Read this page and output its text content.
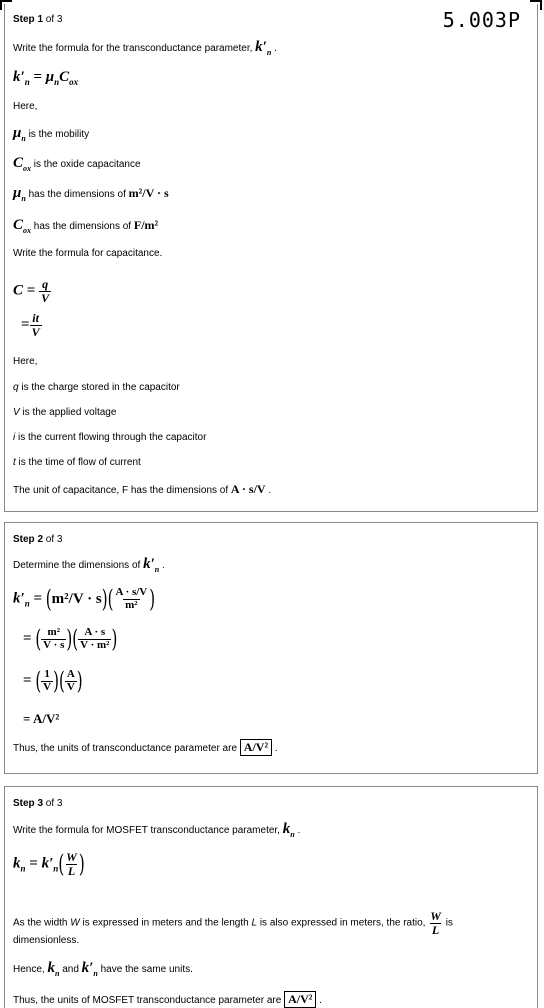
Step 1 of 3	5.003P
Write the formula for the transconductance parameter, $k'_n$ .
$k'_n = \mu_nC_{ox}$
Here,
$\mu_n$ is the mobility
$C_{ox}$ is the oxide capacitance
$\mu_n$ has the dimensions of m²/V · s
$C_{ox}$ has the dimensions of F/m²
Write the formula for capacitance.
$C = \frac{q}{V}$
= $\frac{it}{V}$
Here,
q is the charge stored in the capacitor
V is the applied voltage
i is the current flowing through the capacitor
t is the time of flow of current
The unit of capacitance, F has the dimensions of A · s/V .
Step 2 of 3
Determine the dimensions of $k'_n$ .
$k'_n$ = ( m²/V · s ) ( $\frac{A \cdot s/V}{\text{m²}}$ )
= ( $\frac{\text{m²}}{V \cdot s}$ ) ( $\frac{A \cdot s}{\text{V · m²}}$ )
= ( $\frac{1}{V}$ ) ( $\frac{A}{V}$ )
= A/V²
Thus, the units of transconductance parameter are A/V² .
Step 3 of 3
Write the formula for MOSFET transconductance parameter, $k_n$ .
$k_n = k'_n$ ( $\frac{W}{L}$ )
As the width W is expressed in meters and the length L is also expressed in meters, the ratio, $\frac{W}{L}$ is
dimensionless.
Hence, $k_n$ and $k'_n$ have the same units.
Thus, the units of MOSFET transconductance parameter are A/V² .
